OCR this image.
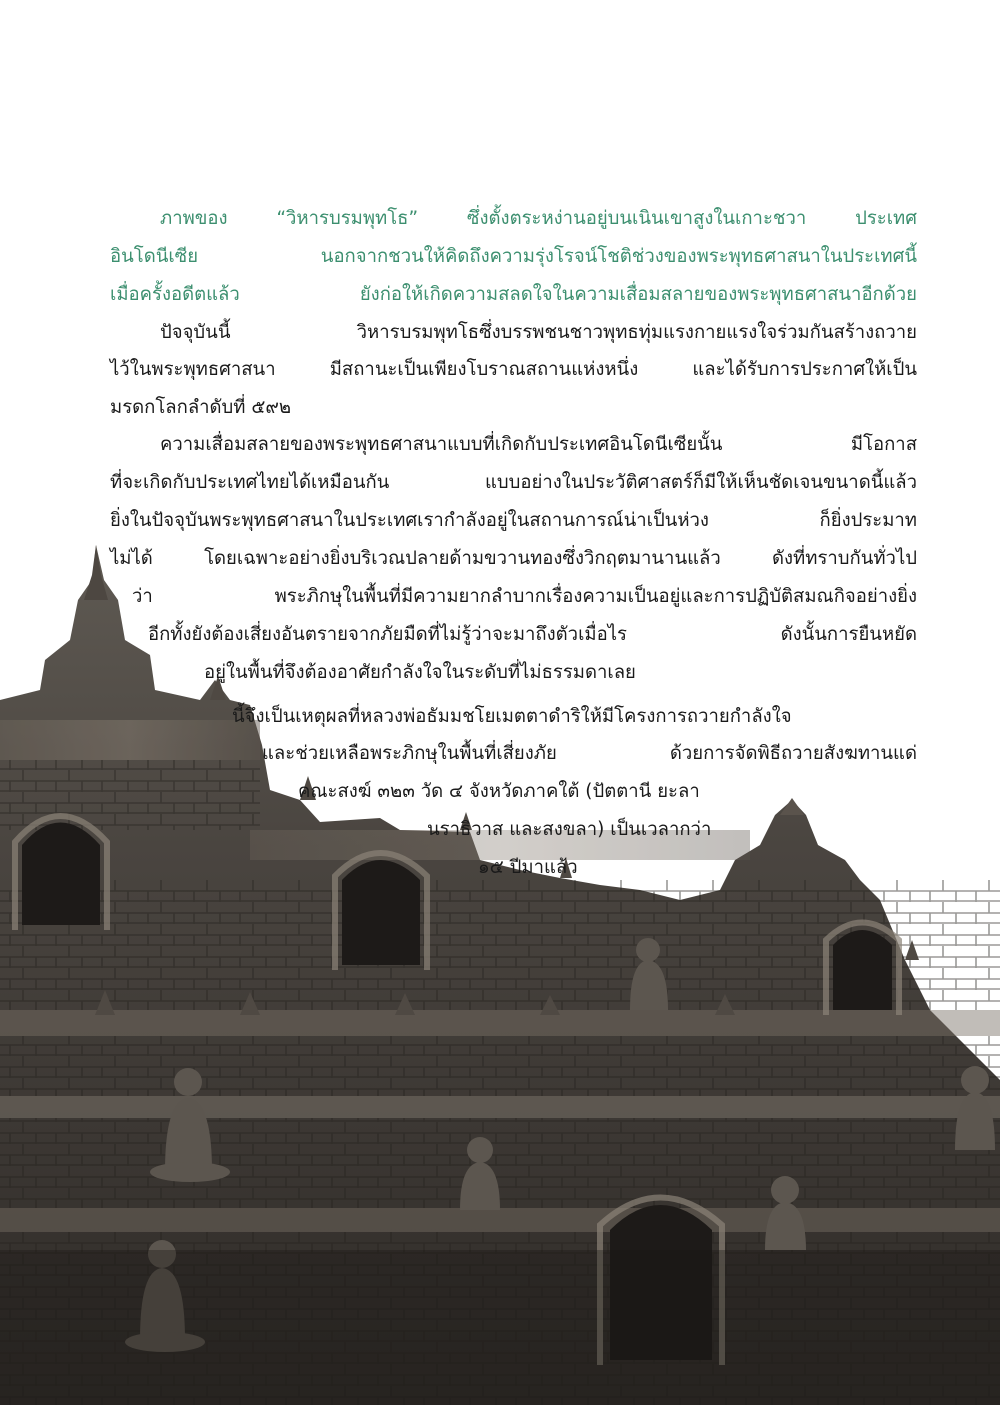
ภาพของ “วิหารบรมพุทโธ” ซึ่งตั้งตระหง่านอยู่บนเนินเขาสูงในเกาะชวา ประเทศ
อินโดนีเซีย นอกจากชวนให้คิดถึงความรุ่งโรจน์โชติช่วงของพระพุทธศาสนาในประเทศนี้
เมื่อครั้งอดีตแล้ว ยังก่อให้เกิดความสลดใจในความเสื่อมสลายของพระพุทธศาสนาอีกด้วย
ปัจจุบันนี้ วิหารบรมพุทโธซึ่งบรรพชนชาวพุทธทุ่มแรงกายแรงใจร่วมกันสร้างถวาย
ไว้ในพระพุทธศาสนา มีสถานะเป็นเพียงโบราณสถานแห่งหนึ่ง และได้รับการประกาศให้เป็น
มรดกโลกลำดับที่ ๕๙๒
ความเสื่อมสลายของพระพุทธศาสนาแบบที่เกิดกับประเทศอินโดนีเซียนั้น มีโอกาส
ที่จะเกิดกับประเทศไทยได้เหมือนกัน แบบอย่างในประวัติศาสตร์ก็มีให้เห็นชัดเจนขนาดนี้แล้ว
ยิ่งในปัจจุบันพระพุทธศาสนาในประเทศเรากำลังอยู่ในสถานการณ์น่าเป็นห่วง ก็ยิ่งประมาท
ไม่ได้ โดยเฉพาะอย่างยิ่งบริเวณปลายด้ามขวานทองซึ่งวิกฤตมานานแล้ว ดังที่ทราบกันทั่วไป
ว่า พระภิกษุในพื้นที่มีความยากลำบากเรื่องความเป็นอยู่และการปฏิบัติสมณกิจอย่างยิ่ง
อีกทั้งยังต้องเสี่ยงอันตรายจากภัยมืดที่ไม่รู้ว่าจะมาถึงตัวเมื่อไร ดังนั้นการยืนหยัด
อยู่ในพื้นที่จึงต้องอาศัยกำลังใจในระดับที่ไม่ธรรมดาเลย
นี้จึงเป็นเหตุผลที่หลวงพ่อธัมมชโยเมตตาดำริให้มีโครงการถวายกำลังใจ
และช่วยเหลือพระภิกษุในพื้นที่เสี่ยงภัย ด้วยการจัดพิธีถวายสังฆทานแด่
คณะสงฆ์ ๓๒๓ วัด ๔ จังหวัดภาคใต้ (ปัตตานี ยะลา
นราธิวาส และสงขลา) เป็นเวลากว่า
๑๕ ปีมาแล้ว
